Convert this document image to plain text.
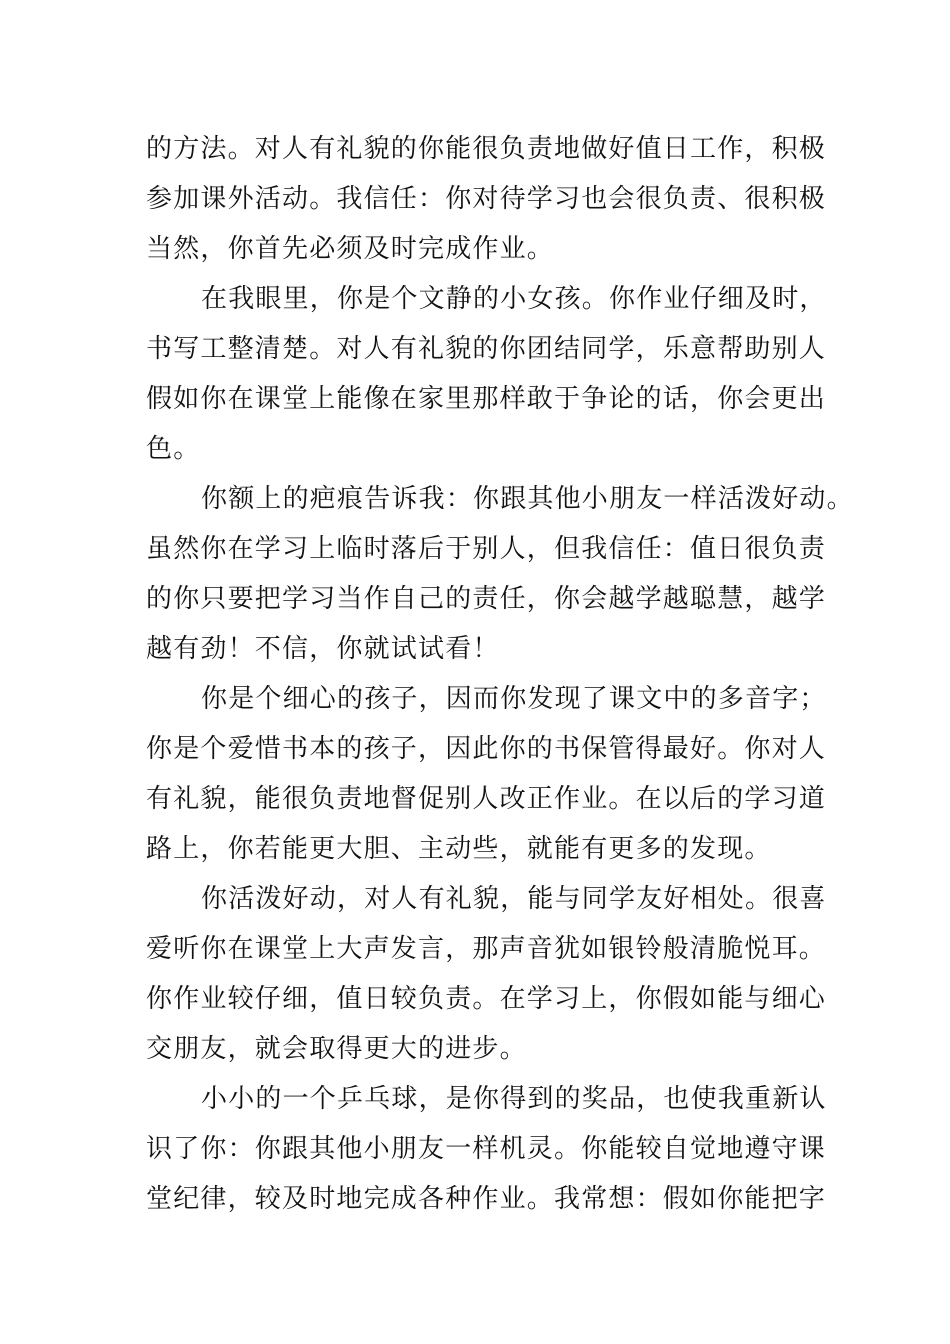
的方法。对人有礼貌的你能很负责地做好值日工作，积极
参加课外活动。我信任：你对待学习也会很负责、很积极
当然，你首先必须及时完成作业。
在我眼里，你是个文静的小女孩。你作业仔细及时，
书写工整清楚。对人有礼貌的你团结同学，乐意帮助别人
假如你在课堂上能像在家里那样敢于争论的话，你会更出
色。
你额上的疤痕告诉我：你跟其他小朋友一样活泼好动。
虽然你在学习上临时落后于别人，但我信任：值日很负责
的你只要把学习当作自己的责任，你会越学越聪慧，越学
越有劲！不信，你就试试看！
你是个细心的孩子，因而你发现了课文中的多音字；
你是个爱惜书本的孩子，因此你的书保管得最好。你对人
有礼貌，能很负责地督促别人改正作业。在以后的学习道
路上，你若能更大胆、主动些，就能有更多的发现。
你活泼好动，对人有礼貌，能与同学友好相处。很喜
爱听你在课堂上大声发言，那声音犹如银铃般清脆悦耳。
你作业较仔细，值日较负责。在学习上，你假如能与细心
交朋友，就会取得更大的进步。
小小的一个乒乓球，是你得到的奖品，也使我重新认
识了你：你跟其他小朋友一样机灵。你能较自觉地遵守课
堂纪律，较及时地完成各种作业。我常想：假如你能把字
